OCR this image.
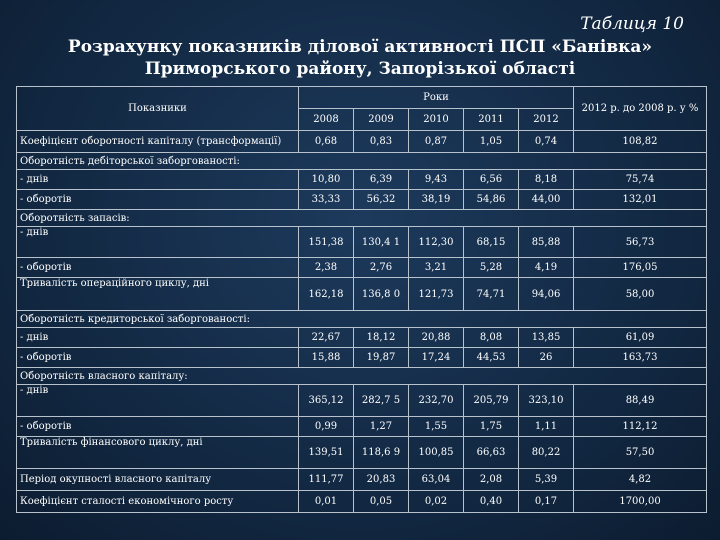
Таблиця 10
Розрахунку показників ділової активності ПСП «Банівка»
Приморського району, Запорізької області
Показники	Роки					2012 р. до 2008 р. у %
	2008	2009	2010	2011	2012	
Коефіцієнт оборотності капіталу (трансформації)	0,68	0,83	0,87	1,05	0,74	108,82
Оборотність дебіторської заборгованості:						
- днів	10,80	6,39	9,43	6,56	8,18	75,74
- оборотів	33,33	56,32	38,19	54,86	44,00	132,01
Оборотність запасів:						
- днів	151,38	130,4 1	112,30	68,15	85,88	56,73
- оборотів	2,38	2,76	3,21	5,28	4,19	176,05
Тривалість операційного циклу, дні	162,18	136,8 0	121,73	74,71	94,06	58,00
Оборотність кредиторської заборгованості:						
- днів	22,67	18,12	20,88	8,08	13,85	61,09
- оборотів	15,88	19,87	17,24	44,53	26	163,73
Оборотність власного капіталу:						
- днів	365,12	282,7 5	232,70	205,79	323,10	88,49
- оборотів	0,99	1,27	1,55	1,75	1,11	112,12
Тривалість фінансового циклу, дні	139,51	118,6 9	100,85	66,63	80,22	57,50
Період окупності власного капіталу	111,77	20,83	63,04	2,08	5,39	4,82
Коефіцієнт сталості економічного росту	0,01	0,05	0,02	0,40	0,17	1700,00
